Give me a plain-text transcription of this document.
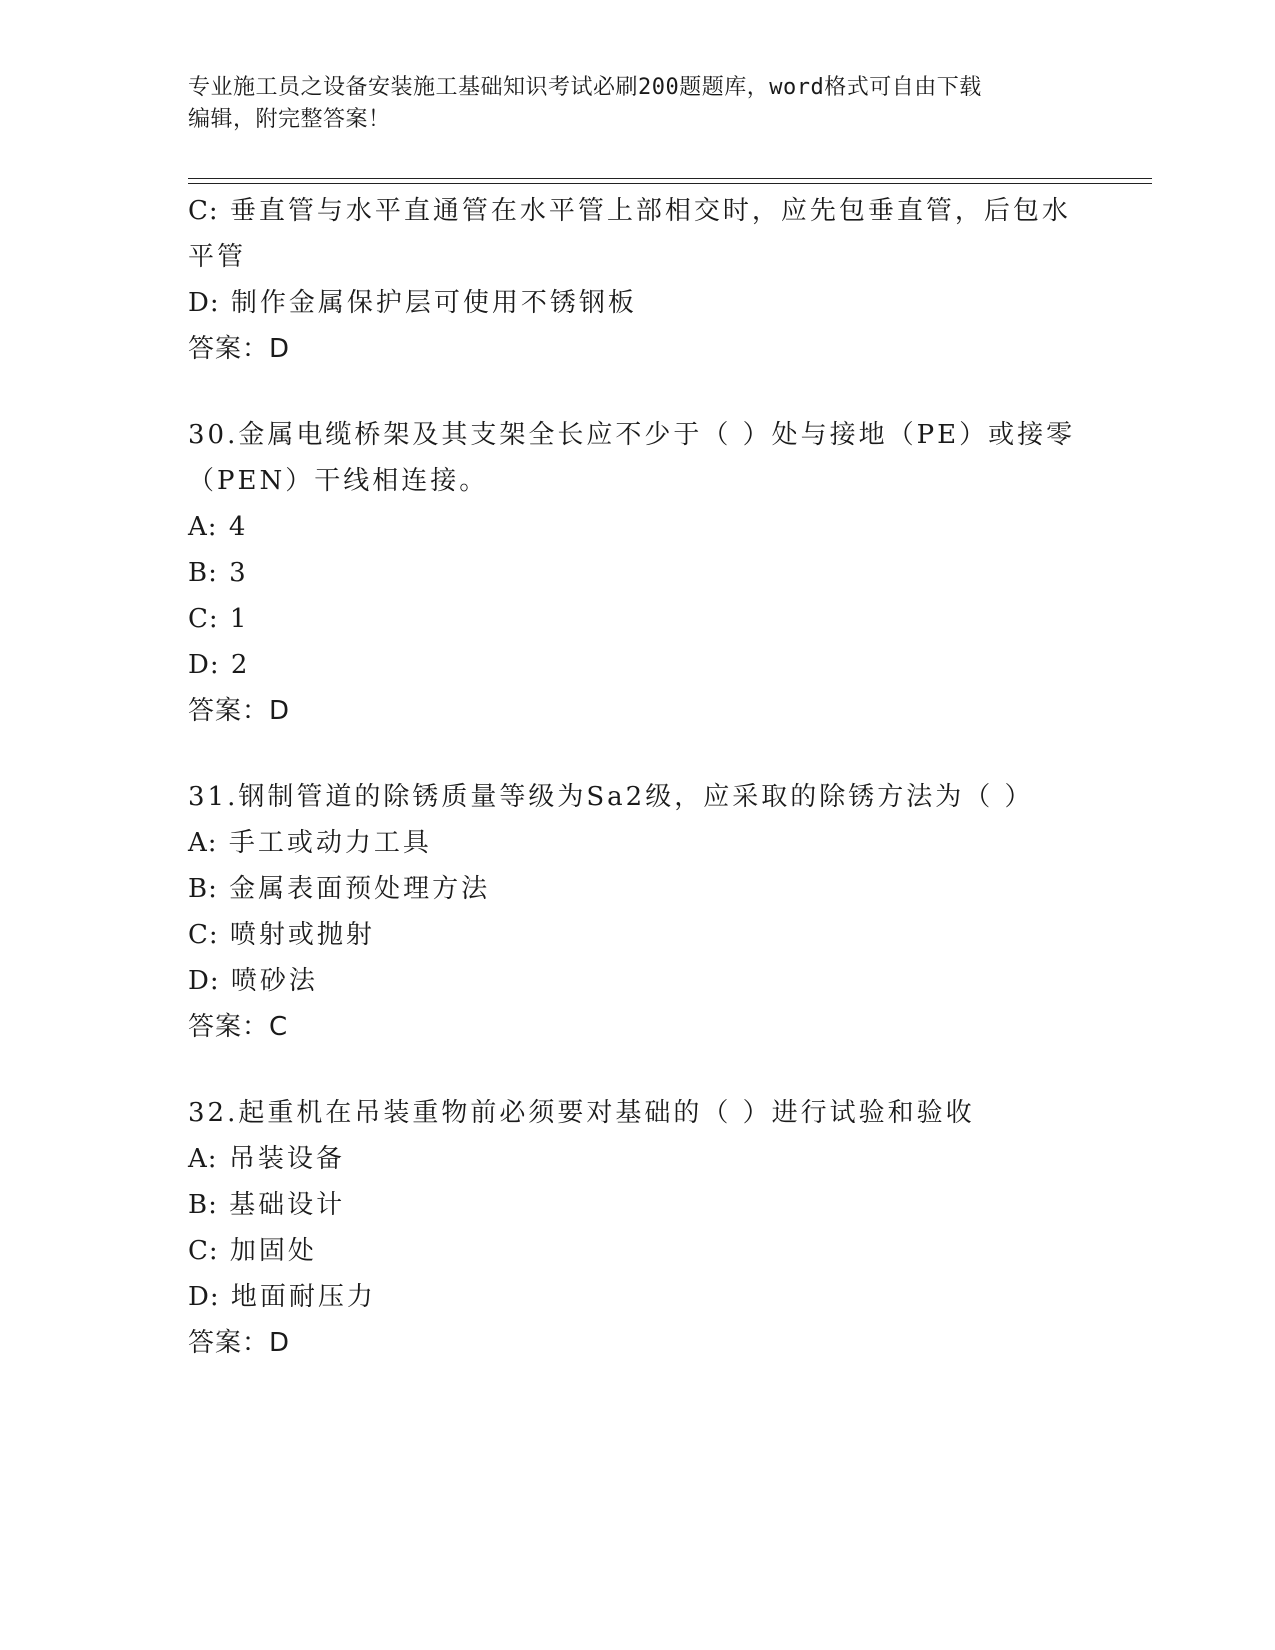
专业施工员之设备安装施工基础知识考试必刷200题题库，word格式可自由下载
编辑，附完整答案！
C: 垂直管与水平直通管在水平管上部相交时，应先包垂直管，后包水
平管
D: 制作金属保护层可使用不锈钢板
答案：D
30.金属电缆桥架及其支架全长应不少于（ ）处与接地（PE）或接零
（PEN）干线相连接。
A: 4
B: 3
C: 1
D: 2
答案：D
31.钢制管道的除锈质量等级为Sa2级，应采取的除锈方法为（ ）
A: 手工或动力工具
B: 金属表面预处理方法
C: 喷射或抛射
D: 喷砂法
答案：C
32.起重机在吊装重物前必须要对基础的（ ）进行试验和验收
A: 吊装设备
B: 基础设计
C: 加固处
D: 地面耐压力
答案：D
